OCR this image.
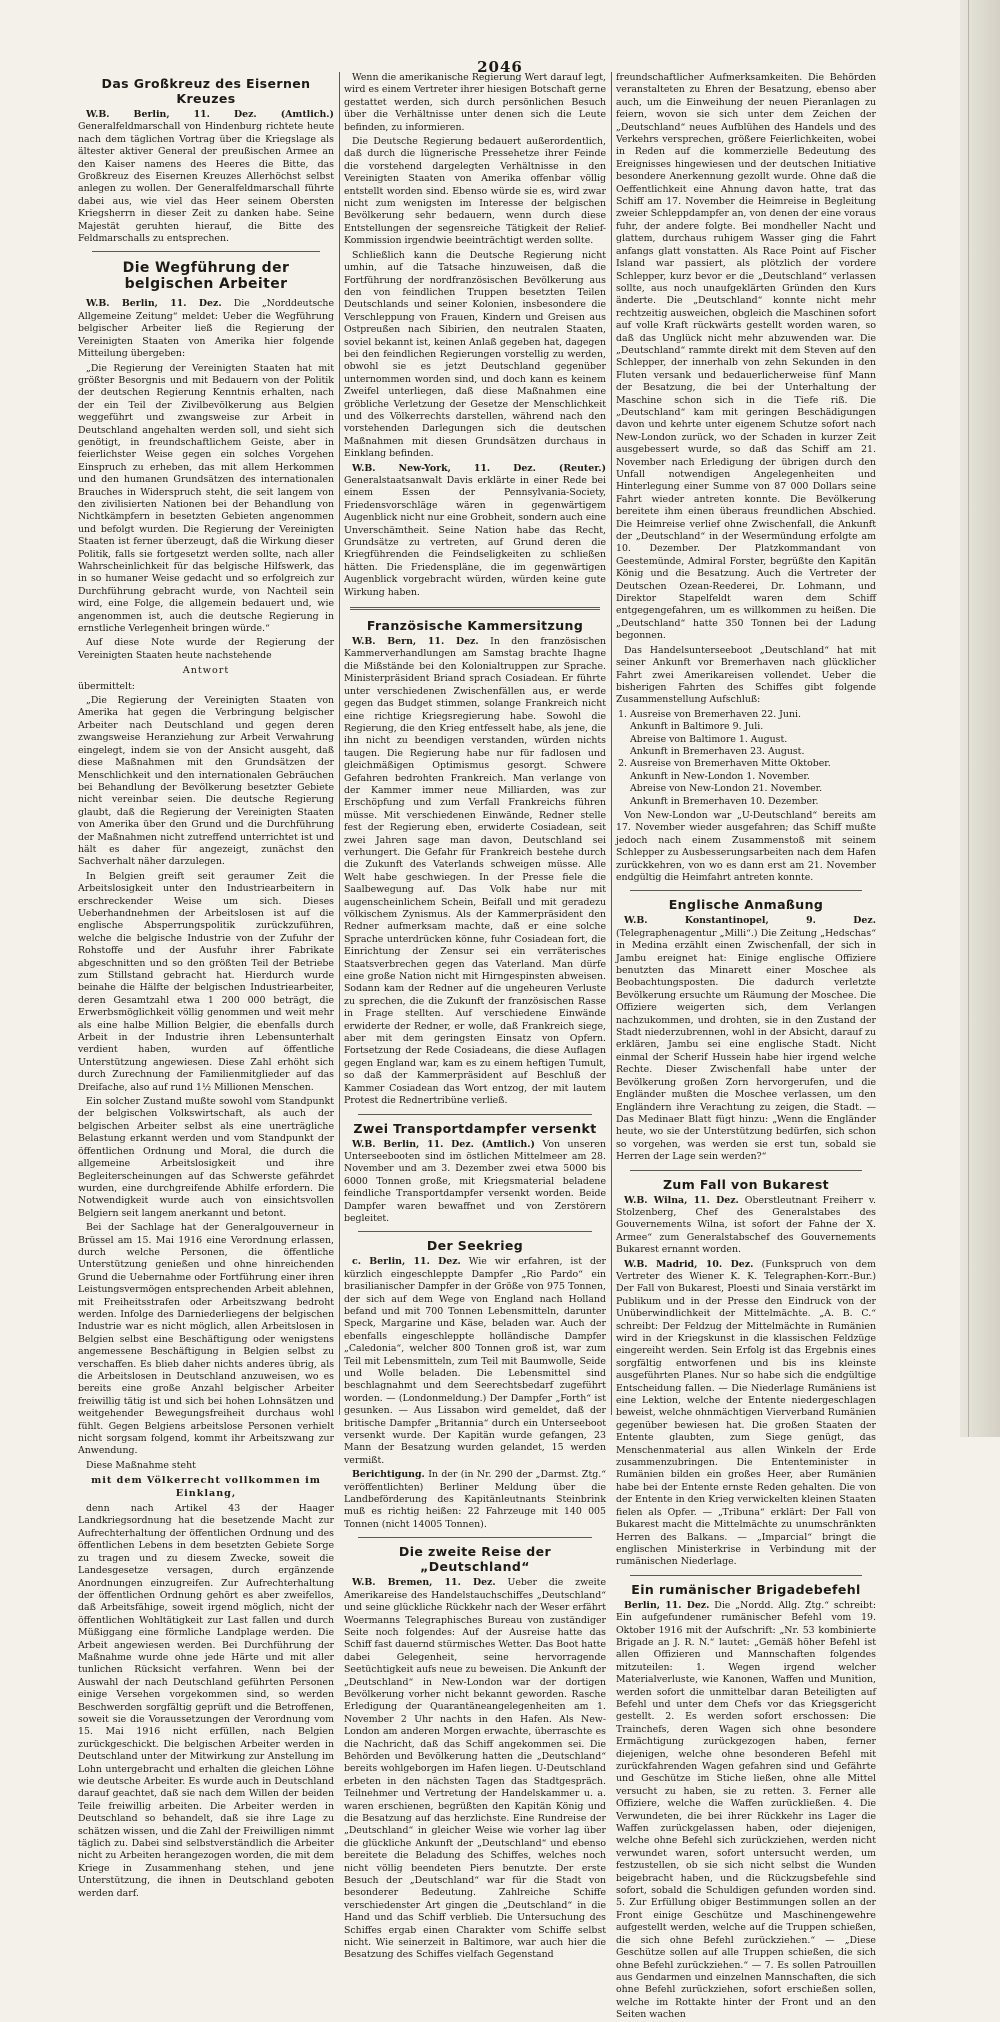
2046
Das Großkreuz des Eisernen Kreuzes

W.B. Berlin, 11. Dez. (Amtlich.) Generalfeldmarschall von Hindenburg richtete heute nach dem täglichen Vortrag über die Kriegslage als ältester aktiver General der preußischen Armee an den Kaiser namens des Heeres die Bitte, das Großkreuz des Eisernen Kreuzes Allerhöchst selbst anlegen zu wollen. Der Generalfeldmarschall führte dabei aus, wie viel das Heer seinem Obersten Kriegsherrn in dieser Zeit zu danken habe. Seine Majestät geruhten hierauf, die Bitte des Feldmarschalls zu entsprechen.

Die Wegführung der belgischen Arbeiter

W.B. Berlin, 11. Dez. Die „Norddeutsche Allgemeine Zeitung“ meldet: Ueber die Wegführung belgischer Arbeiter ließ die Regierung der Vereinigten Staaten von Amerika hier folgende Mitteilung übergeben:

„Die Regierung der Vereinigten Staaten hat mit größter Besorgnis und mit Bedauern von der Politik der deutschen Regierung Kenntnis erhalten, nach der ein Teil der Zivilbevölkerung aus Belgien weggeführt und zwangsweise zur Arbeit in Deutschland angehalten werden soll, und sieht sich genötigt, in freundschaftlichem Geiste, aber in feierlichster Weise gegen ein solches Vorgehen Einspruch zu erheben, das mit allem Herkommen und den humanen Grundsätzen des internationalen Brauches in Widerspruch steht, die seit langem von den zivilisierten Nationen bei der Behandlung von Nichtkämpfern in besetzten Gebieten angenommen und befolgt wurden. Die Regierung der Vereinigten Staaten ist ferner überzeugt, daß die Wirkung dieser Politik, falls sie fortgesetzt werden sollte, nach aller Wahrscheinlichkeit für das belgische Hilfswerk, das in so humaner Weise gedacht und so erfolgreich zur Durchführung gebracht wurde, von Nachteil sein wird, eine Folge, die allgemein bedauert und, wie angenommen ist, auch die deutsche Regierung in ernstliche Verlegenheit bringen würde.“

Auf diese Note wurde der Regierung der Vereinigten Staaten heute nachstehende

Antwort

übermittelt:

„Die Regierung der Vereinigten Staaten von Amerika hat gegen die Verbringung belgischer Arbeiter nach Deutschland und gegen deren zwangsweise Heranziehung zur Arbeit Verwahrung eingelegt, indem sie von der Ansicht ausgeht, daß diese Maßnahmen mit den Grundsätzen der Menschlichkeit und den internationalen Gebräuchen bei Behandlung der Bevölkerung besetzter Gebiete nicht vereinbar seien. Die deutsche Regierung glaubt, daß die Regierung der Vereinigten Staaten von Amerika über den Grund und die Durchführung der Maßnahmen nicht zutreffend unterrichtet ist und hält es daher für angezeigt, zunächst den Sachverhalt näher darzulegen.

In Belgien greift seit geraumer Zeit die Arbeitslosigkeit unter den Industriearbeitern in erschreckender Weise um sich. Dieses Ueberhandnehmen der Arbeitslosen ist auf die englische Absperrungspolitik zurückzuführen, welche die belgische Industrie von der Zufuhr der Rohstoffe und der Ausfuhr ihrer Fabrikate abgeschnitten und so den größten Teil der Betriebe zum Stillstand gebracht hat. Hierdurch wurde beinahe die Hälfte der belgischen Industriearbeiter, deren Gesamtzahl etwa 1 200 000 beträgt, die Erwerbsmöglichkeit völlig genommen und weit mehr als eine halbe Million Belgier, die ebenfalls durch Arbeit in der Industrie ihren Lebensunterhalt verdient haben, wurden auf öffentliche Unterstützung angewiesen. Diese Zahl erhöht sich durch Zurechnung der Familienmitglieder auf das Dreifache, also auf rund 1½ Millionen Menschen.

Ein solcher Zustand mußte sowohl vom Standpunkt der belgischen Volkswirtschaft, als auch der belgischen Arbeiter selbst als eine unerträgliche Belastung erkannt werden und vom Standpunkt der öffentlichen Ordnung und Moral, die durch die allgemeine Arbeitslosigkeit und ihre Begleiterscheinungen auf das Schwerste gefährdet wurden, eine durchgreifende Abhilfe erfordern. Die Notwendigkeit wurde auch von einsichtsvollen Belgiern seit langem anerkannt und betont.

Bei der Sachlage hat der Generalgouverneur in Brüssel am 15. Mai 1916 eine Verordnung erlassen, durch welche Personen, die öffentliche Unterstützung genießen und ohne hinreichenden Grund die Uebernahme oder Fortführung einer ihren Leistungsvermögen entsprechenden Arbeit ablehnen, mit Freiheitsstrafen oder Arbeitszwang bedroht werden. Infolge des Darniederliegens der belgischen Industrie war es nicht möglich, allen Arbeitslosen in Belgien selbst eine Beschäftigung oder wenigstens angemessene Beschäftigung in Belgien selbst zu verschaffen. Es blieb daher nichts anderes übrig, als die Arbeitslosen in Deutschland anzuweisen, wo es bereits eine große Anzahl belgischer Arbeiter freiwillig tätig ist und sich bei hohen Lohnsätzen und weitgehender Bewegungsfreiheit durchaus wohl fühlt. Gegen Belgiens arbeitslose Personen verhielt nicht sorgsam folgend, kommt ihr Arbeitszwang zur Anwendung.

Diese Maßnahme steht

mit dem Völkerrecht vollkommen im Einklang,

denn nach Artikel 43 der Haager Landkriegsordnung hat die besetzende Macht zur Aufrechterhaltung der öffentlichen Ordnung und des öffentlichen Lebens in dem besetzten Gebiete Sorge zu tragen und zu diesem Zwecke, soweit die Landesgesetze versagen, durch ergänzende Anordnungen einzugreifen. Zur Aufrechterhaltung der öffentlichen Ordnung gehört es aber zweifellos, daß Arbeitsfähige, soweit irgend möglich, nicht der öffentlichen Wohltätigkeit zur Last fallen und durch Müßiggang eine förmliche Landplage werden. Die Arbeit angewiesen werden. Bei Durchführung der Maßnahme wurde ohne jede Härte und mit aller tunlichen Rücksicht verfahren. Wenn bei der Auswahl der nach Deutschland geführten Personen einige Versehen vorgekommen sind, so werden Beschwerden sorgfältig geprüft und die Betroffenen, soweit sie die Voraussetzungen der Verordnung vom 15. Mai 1916 nicht erfüllen, nach Belgien zurückgeschickt. Die belgischen Arbeiter werden in Deutschland unter der Mitwirkung zur Anstellung im Lohn untergebracht und erhalten die gleichen Löhne wie deutsche Arbeiter. Es wurde auch in Deutschland darauf geachtet, daß sie nach dem Willen der beiden Teile freiwillig arbeiten. Die Arbeiter werden in Deutschland so behandelt, daß sie ihre Lage zu schätzen wissen, und die Zahl der Freiwilligen nimmt täglich zu. Dabei sind selbstverständlich die Arbeiter nicht zu Arbeiten herangezogen worden, die mit dem Kriege in Zusammenhang stehen, und jene Unterstützung, die ihnen in Deutschland geboten werden darf.

Wenn die amerikanische Regierung Wert darauf legt, wird es einem Vertreter ihrer hiesigen Botschaft gerne gestattet werden, sich durch persönlichen Besuch über die Verhältnisse unter denen sich die Leute befinden, zu informieren.

Die Deutsche Regierung bedauert außerordentlich, daß durch die lügnerische Pressehetze ihrer Feinde die vorstehend dargelegten Verhältnisse in den Vereinigten Staaten von Amerika offenbar völlig entstellt worden sind. Ebenso würde sie es, wird zwar nicht zum wenigsten im Interesse der belgischen Bevölkerung sehr bedauern, wenn durch diese Entstellungen der segensreiche Tätigkeit der Relief-Kommission irgendwie beeinträchtigt werden sollte.

Schließlich kann die Deutsche Regierung nicht umhin, auf die Tatsache hinzuweisen, daß die Fortführung der nordfranzösischen Bevölkerung aus den von feindlichen Truppen besetzten Teilen Deutschlands und seiner Kolonien, insbesondere die Verschleppung von Frauen, Kindern und Greisen aus Ostpreußen nach Sibirien, den neutralen Staaten, soviel bekannt ist, keinen Anlaß gegeben hat, dagegen bei den feindlichen Regierungen vorstellig zu werden, obwohl sie es jetzt Deutschland gegenüber unternommen worden sind, und doch kann es keinem Zweifel unterliegen, daß diese Maßnahmen eine gröbliche Verletzung der Gesetze der Menschlichkeit und des Völkerrechts darstellen, während nach den vorstehenden Darlegungen sich die deutschen Maßnahmen mit diesen Grundsätzen durchaus in Einklang befinden.

W.B. New-York, 11. Dez. (Reuter.) Generalstaatsanwalt Davis erklärte in einer Rede bei einem Essen der Pennsylvania-Society, Friedensvorschläge wären in gegenwärtigem Augenblick nicht nur eine Grobheit, sondern auch eine Unverschämtheit. Seine Nation habe das Recht, Grundsätze zu vertreten, auf Grund deren die Kriegführenden die Feindseligkeiten zu schließen hätten. Die Friedenspläne, die im gegenwärtigen Augenblick vorgebracht würden, würden keine gute Wirkung haben.

Französische Kammersitzung

W.B. Bern, 11. Dez. In den französischen Kammerverhandlungen am Samstag brachte Ihagne die Mißstände bei den Kolonialtruppen zur Sprache. Ministerpräsident Briand sprach Cosiadean. Er führte unter verschiedenen Zwischenfällen aus, er werde gegen das Budget stimmen, solange Frankreich nicht eine richtige Kriegsregierung habe. Sowohl die Regierung, die den Krieg entfesselt habe, als jene, die ihn nicht zu beendigen verstanden, würden nichts taugen. Die Regierung habe nur für fadlosen und gleichmäßigen Optimismus gesorgt. Schwere Gefahren bedrohten Frankreich. Man verlange von der Kammer immer neue Milliarden, was zur Erschöpfung und zum Verfall Frankreichs führen müsse. Mit verschiedenen Einwände, Redner stelle fest der Regierung eben, erwiderte Cosiadean, seit zwei Jahren sage man davon, Deutschland sei verhungert. Die Gefahr für Frankreich bestehe durch die Zukunft des Vaterlands schweigen müsse. Alle Welt habe geschwiegen. In der Presse fiele die Saalbewegung auf. Das Volk habe nur mit augenscheinlichem Schein, Beifall und mit geradezu völkischem Zynismus. Als der Kammerpräsident den Redner aufmerksam machte, daß er eine solche Sprache unterdrücken könne, fuhr Cosiadean fort, die Einrichtung der Zensur sei ein verräterisches Staatsverbrechen gegen das Vaterland. Man dürfe eine große Nation nicht mit Hirngespinsten abweisen. Sodann kam der Redner auf die ungeheuren Verluste zu sprechen, die die Zukunft der französischen Rasse in Frage stellten. Auf verschiedene Einwände erwiderte der Redner, er wolle, daß Frankreich siege, aber mit dem geringsten Einsatz von Opfern. Fortsetzung der Rede Cosiadeans, die diese Auflagen gegen England war, kam es zu einem heftigen Tumult, so daß der Kammerpräsident auf Beschluß der Kammer Cosiadean das Wort entzog, der mit lautem Protest die Rednertribüne verließ.

Zwei Transportdampfer versenkt

W.B. Berlin, 11. Dez. (Amtlich.) Von unseren Unterseebooten sind im östlichen Mittelmeer am 28. November und am 3. Dezember zwei etwa 5000 bis 6000 Tonnen große, mit Kriegsmaterial beladene feindliche Transportdampfer versenkt worden. Beide Dampfer waren bewaffnet und von Zerstörern begleitet.

Der Seekrieg

c. Berlin, 11. Dez. Wie wir erfahren, ist der kürzlich eingeschleppte Dampfer „Rio Pardo“ ein brasilianischer Dampfer in der Größe von 975 Tonnen, der sich auf dem Wege von England nach Holland befand und mit 700 Tonnen Lebensmitteln, darunter Speck, Margarine und Käse, beladen war. Auch der ebenfalls eingeschleppte holländische Dampfer „Caledonia“, welcher 800 Tonnen groß ist, war zum Teil mit Lebensmitteln, zum Teil mit Baumwolle, Seide und Wolle beladen. Die Lebensmittel sind beschlagnahmt und dem Seerechtsbedarf zugeführt worden. — (Londonmeldung.) Der Dampfer „Forth“ ist gesunken. — Aus Lissabon wird gemeldet, daß der britische Dampfer „Britannia“ durch ein Unterseeboot versenkt wurde. Der Kapitän wurde gefangen, 23 Mann der Besatzung wurden gelandet, 15 werden vermißt.

Berichtigung. In der (in Nr. 290 der „Darmst. Ztg.“ veröffentlichten) Berliner Meldung über die Landbeförderung des Kapitänleutnants Steinbrink muß es richtig heißen: 22 Fahrzeuge mit 140 005 Tonnen (nicht 14005 Tonnen).

Die zweite Reise der „Deutschland“

W.B. Bremen, 11. Dez. Ueber die zweite Amerikareise des Handelstauchschiffes „Deutschland“ und seine glückliche Rückkehr nach der Weser erfährt Woermanns Telegraphisches Bureau von zuständiger Seite noch folgendes: Auf der Ausreise hatte das Schiff fast dauernd stürmisches Wetter. Das Boot hatte dabei Gelegenheit, seine hervorragende Seetüchtigkeit aufs neue zu beweisen. Die Ankunft der „Deutschland“ in New-London war der dortigen Bevölkerung vorher nicht bekannt geworden. Rasche Erledigung der Quarantäneangelegenheiten am 1. November 2 Uhr nachts in den Hafen. Als New-London am anderen Morgen erwachte, überraschte es die Nachricht, daß das Schiff angekommen sei. Die Behörden und Bevölkerung hatten die „Deutschland“ bereits wohlgeborgen im Hafen liegen. U-Deutschland erbeten in den nächsten Tagen das Stadtgespräch. Teilnehmer und Vertretung der Handelskammer u. a. waren erschienen, begrüßten den Kapitän König und die Besatzung auf das herzlichste. Eine Rundreise der „Deutschland“ in gleicher Weise wie vorher lag über die glückliche Ankunft der „Deutschland“ und ebenso bereitete die Beladung des Schiffes, welches noch nicht völlig beendeten Piers benutzte. Der erste Besuch der „Deutschland“ war für die Stadt von besonderer Bedeutung. Zahlreiche Schiffe verschiedenster Art gingen die „Deutschland“ in die Hand und das Schiff verblieb. Die Untersuchung des Schiffes ergab einen Charakter vom Schiffe selbst nicht. Wie seinerzeit in Baltimore, war auch hier die Besatzung des Schiffes vielfach Gegenstand

freundschaftlicher Aufmerksamkeiten. Die Behörden veranstalteten zu Ehren der Besatzung, ebenso aber auch, um die Einweihung der neuen Pieranlagen zu feiern, wovon sie sich unter dem Zeichen der „Deutschland“ neues Aufblühen des Handels und des Verkehrs versprechen, größere Feierlichkeiten, wobei in Reden auf die kommerzielle Bedeutung des Ereignisses hingewiesen und der deutschen Initiative besondere Anerkennung gezollt wurde. Ohne daß die Oeffentlichkeit eine Ahnung davon hatte, trat das Schiff am 17. November die Heimreise in Begleitung zweier Schleppdampfer an, von denen der eine voraus fuhr, der andere folgte. Bei mondheller Nacht und glattem, durchaus ruhigem Wasser ging die Fahrt anfangs glatt vonstatten. Als Race Point auf Fischer Island war passiert, als plötzlich der vordere Schlepper, kurz bevor er die „Deutschland“ verlassen sollte, aus noch unaufgeklärten Gründen den Kurs änderte. Die „Deutschland“ konnte nicht mehr rechtzeitig ausweichen, obgleich die Maschinen sofort auf volle Kraft rückwärts gestellt worden waren, so daß das Unglück nicht mehr abzuwenden war. Die „Deutschland“ rammte direkt mit dem Steven auf den Schlepper, der innerhalb von zehn Sekunden in den Fluten versank und bedauerlicherweise fünf Mann der Besatzung, die bei der Unterhaltung der Maschine schon sich in die Tiefe riß. Die „Deutschland“ kam mit geringen Beschädigungen davon und kehrte unter eigenem Schutze sofort nach New-London zurück, wo der Schaden in kurzer Zeit ausgebessert wurde, so daß das Schiff am 21. November nach Erledigung der übrigen durch den Unfall notwendigen Angelegenheiten und Hinterlegung einer Summe von 87 000 Dollars seine Fahrt wieder antreten konnte. Die Bevölkerung bereitete ihm einen überaus freundlichen Abschied. Die Heimreise verlief ohne Zwischenfall, die Ankunft der „Deutschland“ in der Wesermündung erfolgte am 10. Dezember. Der Platzkommandant von Geestemünde, Admiral Forster, begrüßte den Kapitän König und die Besatzung. Auch die Vertreter der Deutschen Ozean-Reederei, Dr. Lohmann, und Direktor Stapelfeldt waren dem Schiff entgegengefahren, um es willkommen zu heißen. Die „Deutschland“ hatte 350 Tonnen bei der Ladung begonnen.

Das Handelsunterseeboot „Deutschland“ hat mit seiner Ankunft vor Bremerhaven nach glücklicher Fahrt zwei Amerikareisen vollendet. Ueber die bisherigen Fahrten des Schiffes gibt folgende Zusammenstellung Aufschluß:

1. Ausreise von Bremerhaven 22. Juni.
Ankunft in Baltimore 9. Juli.
Abreise von Baltimore 1. August.
Ankunft in Bremerhaven 23. August.
2. Ausreise von Bremerhaven Mitte Oktober.
Ankunft in New-London 1. November.
Abreise von New-London 21. November.
Ankunft in Bremerhaven 10. Dezember.

Von New-London war „U-Deutschland“ bereits am 17. November wieder ausgefahren; das Schiff mußte jedoch nach einem Zusammenstoß mit seinem Schlepper zu Ausbesserungsarbeiten nach dem Hafen zurückkehren, von wo es dann erst am 21. November endgültig die Heimfahrt antreten konnte.

Englische Anmaßung

W.B. Konstantinopel, 9. Dez. (Telegraphenagentur „Milli“.) Die Zeitung „Hedschas“ in Medina erzählt einen Zwischenfall, der sich in Jambu ereignet hat: Einige englische Offiziere benutzten das Minarett einer Moschee als Beobachtungsposten. Die dadurch verletzte Bevölkerung ersuchte um Räumung der Moschee. Die Offiziere weigerten sich, dem Verlangen nachzukommen, und drohten, sie in den Zustand der Stadt niederzubrennen, wohl in der Absicht, darauf zu erklären, Jambu sei eine englische Stadt. Nicht einmal der Scherif Hussein habe hier irgend welche Rechte. Dieser Zwischenfall habe unter der Bevölkerung großen Zorn hervorgerufen, und die Engländer mußten die Moschee verlassen, um den Engländern ihre Verachtung zu zeigen, die Stadt. — Das Medinaer Blatt fügt hinzu: „Wenn die Engländer heute, wo sie der Unterstützung bedürfen, sich schon so vorgehen, was werden sie erst tun, sobald sie Herren der Lage sein werden?“

Zum Fall von Bukarest

W.B. Wilna, 11. Dez. Oberstleutnant Freiherr v. Stolzenberg, Chef des Generalstabes des Gouvernements Wilna, ist sofort der Fahne der X. Armee“ zum Generalstabschef des Gouvernements Bukarest ernannt worden.

W.B. Madrid, 10. Dez. (Funkspruch von dem Vertreter des Wiener K. K. Telegraphen-Korr.-Bur.) Der Fall von Bukarest, Ploesti und Sinaia verstärkt im Publikum und in der Presse den Eindruck von der Unüberwindlichkeit der Mittelmächte. „A. B. C.“ schreibt: Der Feldzug der Mittelmächte in Rumänien wird in der Kriegskunst in die klassischen Feldzüge eingereiht werden. Sein Erfolg ist das Ergebnis eines sorgfältig entworfenen und bis ins kleinste ausgeführten Planes. Nur so habe sich die endgültige Entscheidung fallen. — Die Niederlage Rumäniens ist eine Lektion, welche der Entente niedergeschlagen beweist, welche ohnmächtigen Vierverband Rumänien gegenüber bewiesen hat. Die großen Staaten der Entente glaubten, zum Siege genügt, das Menschenmaterial aus allen Winkeln der Erde zusammenzubringen. Die Ententeminister in Rumänien bilden ein großes Heer, aber Rumänien habe bei der Entente ernste Reden gehalten. Die von der Entente in den Krieg verwickelten kleinen Staaten fielen als Opfer. — „Tribuna“ erklärt: Der Fall von Bukarest macht die Mittelmächte zu unumschränkten Herren des Balkans. — „Imparcial“ bringt die englischen Ministerkrise in Verbindung mit der rumänischen Niederlage.

Ein rumänischer Brigadebefehl

Berlin, 11. Dez. Die „Nordd. Allg. Ztg.“ schreibt: Ein aufgefundener rumänischer Befehl vom 19. Oktober 1916 mit der Aufschrift: „Nr. 53 kombinierte Brigade an J. R. N.“ lautet: „Gemäß höher Befehl ist allen Offizieren und Mannschaften folgendes mitzuteilen: 1. Wegen irgend welcher Materialverluste, wie Kanonen, Waffen und Munition, werden sofort die unmittelbar daran Beteiligten auf Befehl und unter dem Chefs vor das Kriegsgericht gestellt. 2. Es werden sofort erschossen: Die Trainchefs, deren Wagen sich ohne besondere Ermächtigung zurückgezogen haben, ferner diejenigen, welche ohne besonderen Befehl mit zurückfahrenden Wagen gefahren sind und Gefährte und Geschütze im Stiche ließen, ohne alle Mittel versucht zu haben, sie zu retten. 3. Ferner alle Offiziere, welche die Waffen zurückließen. 4. Die Verwundeten, die bei ihrer Rückkehr ins Lager die Waffen zurückgelassen haben, oder diejenigen, welche ohne Befehl sich zurückziehen, werden nicht verwundet waren, sofort untersucht werden, um festzustellen, ob sie sich nicht selbst die Wunden beigebracht haben, und die Rückzugsbefehle sind sofort, sobald die Schuldigen gefunden worden sind. 5. Zur Erfüllung obiger Bestimmungen sollen an der Front einige Geschütze und Maschinengewehre aufgestellt werden, welche auf die Truppen schießen, die sich ohne Befehl zurückziehen.“ — „Diese Geschütze sollen auf alle Truppen schießen, die sich ohne Befehl zurückziehen.“ — 7. Es sollen Patrouillen aus Gendarmen und einzelnen Mannschaften, die sich ohne Befehl zurückziehen, sofort erschießen sollen, welche im Rottakte hinter der Front und an den Seiten wachen
